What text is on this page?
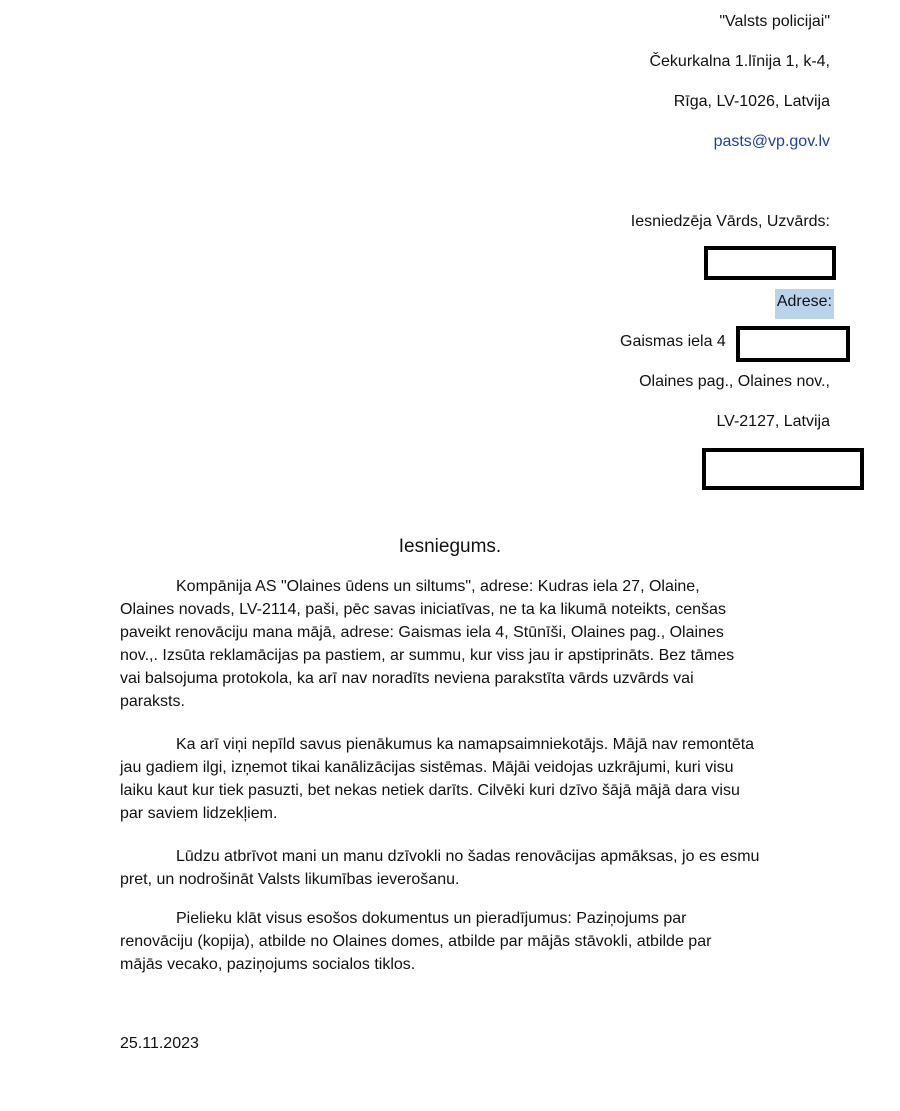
"Valsts policijai"
Čekurkalna 1.līnija 1, k-4,
Rīga, LV-1026, Latvija
pasts@vp.gov.lv
Iesniedzēja Vārds, Uzvārds:
Adrese:
Gaismas iela 4
Olaines pag., Olaines nov.,
LV-2127, Latvija
Iesniegums.
Kompānija AS "Olaines ūdens un siltums", adrese: Kudras iela 27, Olaine,
Olaines novads, LV-2114, paši, pēc savas iniciatīvas, ne ta ka likumā noteikts, cenšas
paveikt renovāciju mana mājā, adrese: Gaismas iela 4, Stūnīši, Olaines pag., Olaines
nov.,. Izsūta reklamācijas pa pastiem, ar summu, kur viss jau ir apstiprināts. Bez tāmes
vai balsojuma protokola, ka arī nav noradīts neviena parakstīta vārds uzvārds vai
paraksts.
Ka arī viņi nepīld savus pienākumus ka namapsaimniekotājs. Mājā nav remontēta
jau gadiem ilgi, izņemot tikai kanālizācijas sistēmas. Mājāi veidojas uzkrājumi, kuri visu
laiku kaut kur tiek pasuzti, bet nekas netiek darīts. Cilvēki kuri dzīvo šājā mājā dara visu
par saviem lidzekļiem.
Lūdzu atbrīvot mani un manu dzīvokli no šadas renovācijas apmāksas, jo es esmu
pret, un nodrošināt Valsts likumības ieverošanu.
Pielieku klāt visus esošos dokumentus un pieradījumus: Paziņojums par
renovāciju (kopija), atbilde no Olaines domes, atbilde par mājās stāvokli, atbilde par
mājās vecako, paziņojums socialos tiklos.
25.11.2023
